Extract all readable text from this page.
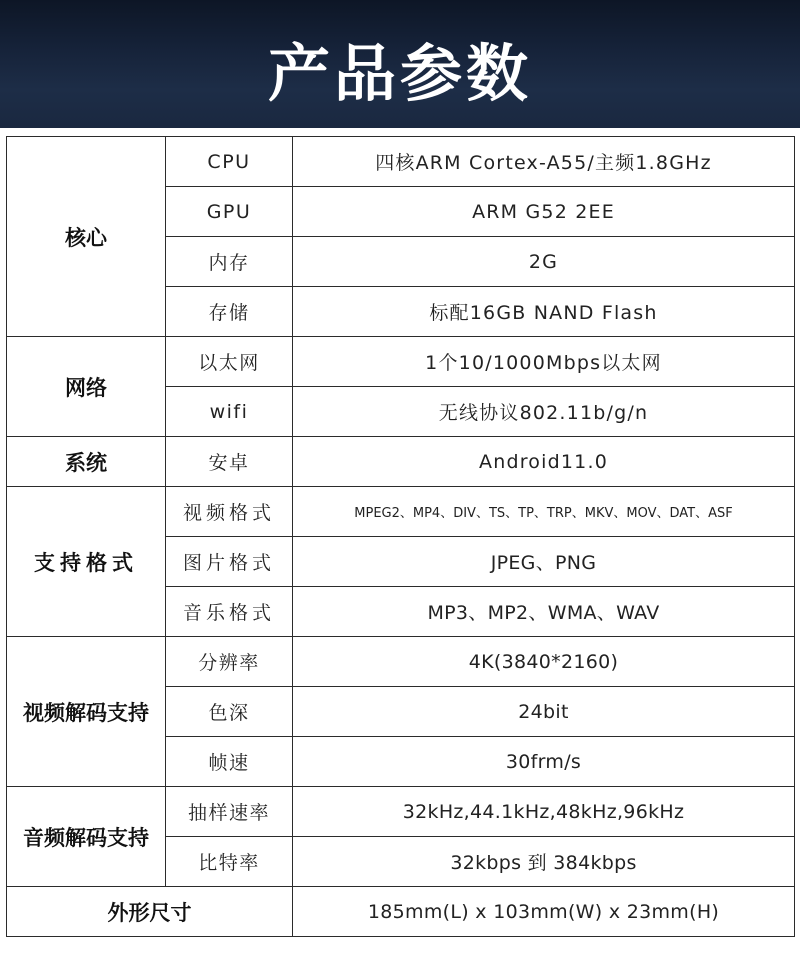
产品参数
核心	CPU	四核ARM Cortex-A55/主频1.8GHz
	GPU	ARM G52 2EE
	内存	2G
	存储	标配16GB NAND Flash
网络	以太网	1个10/1000Mbps以太网
	wifi	无线协议802.11b/g/n
系统	安卓	Android11.0
支持格式	视频格式	MPEG2、MP4、DIV、TS、TP、TRP、MKV、MOV、DAT、ASF
	图片格式	JPEG、PNG
	音乐格式	MP3、MP2、WMA、WAV
视频解码支持	分辨率	4K(3840*2160)
	色深	24bit
	帧速	30frm/s
音频解码支持	抽样速率	32kHz,44.1kHz,48kHz,96kHz
	比特率	32kbps 到 384kbps
外形尺寸		185mm(L) x 103mm(W) x 23mm(H)
